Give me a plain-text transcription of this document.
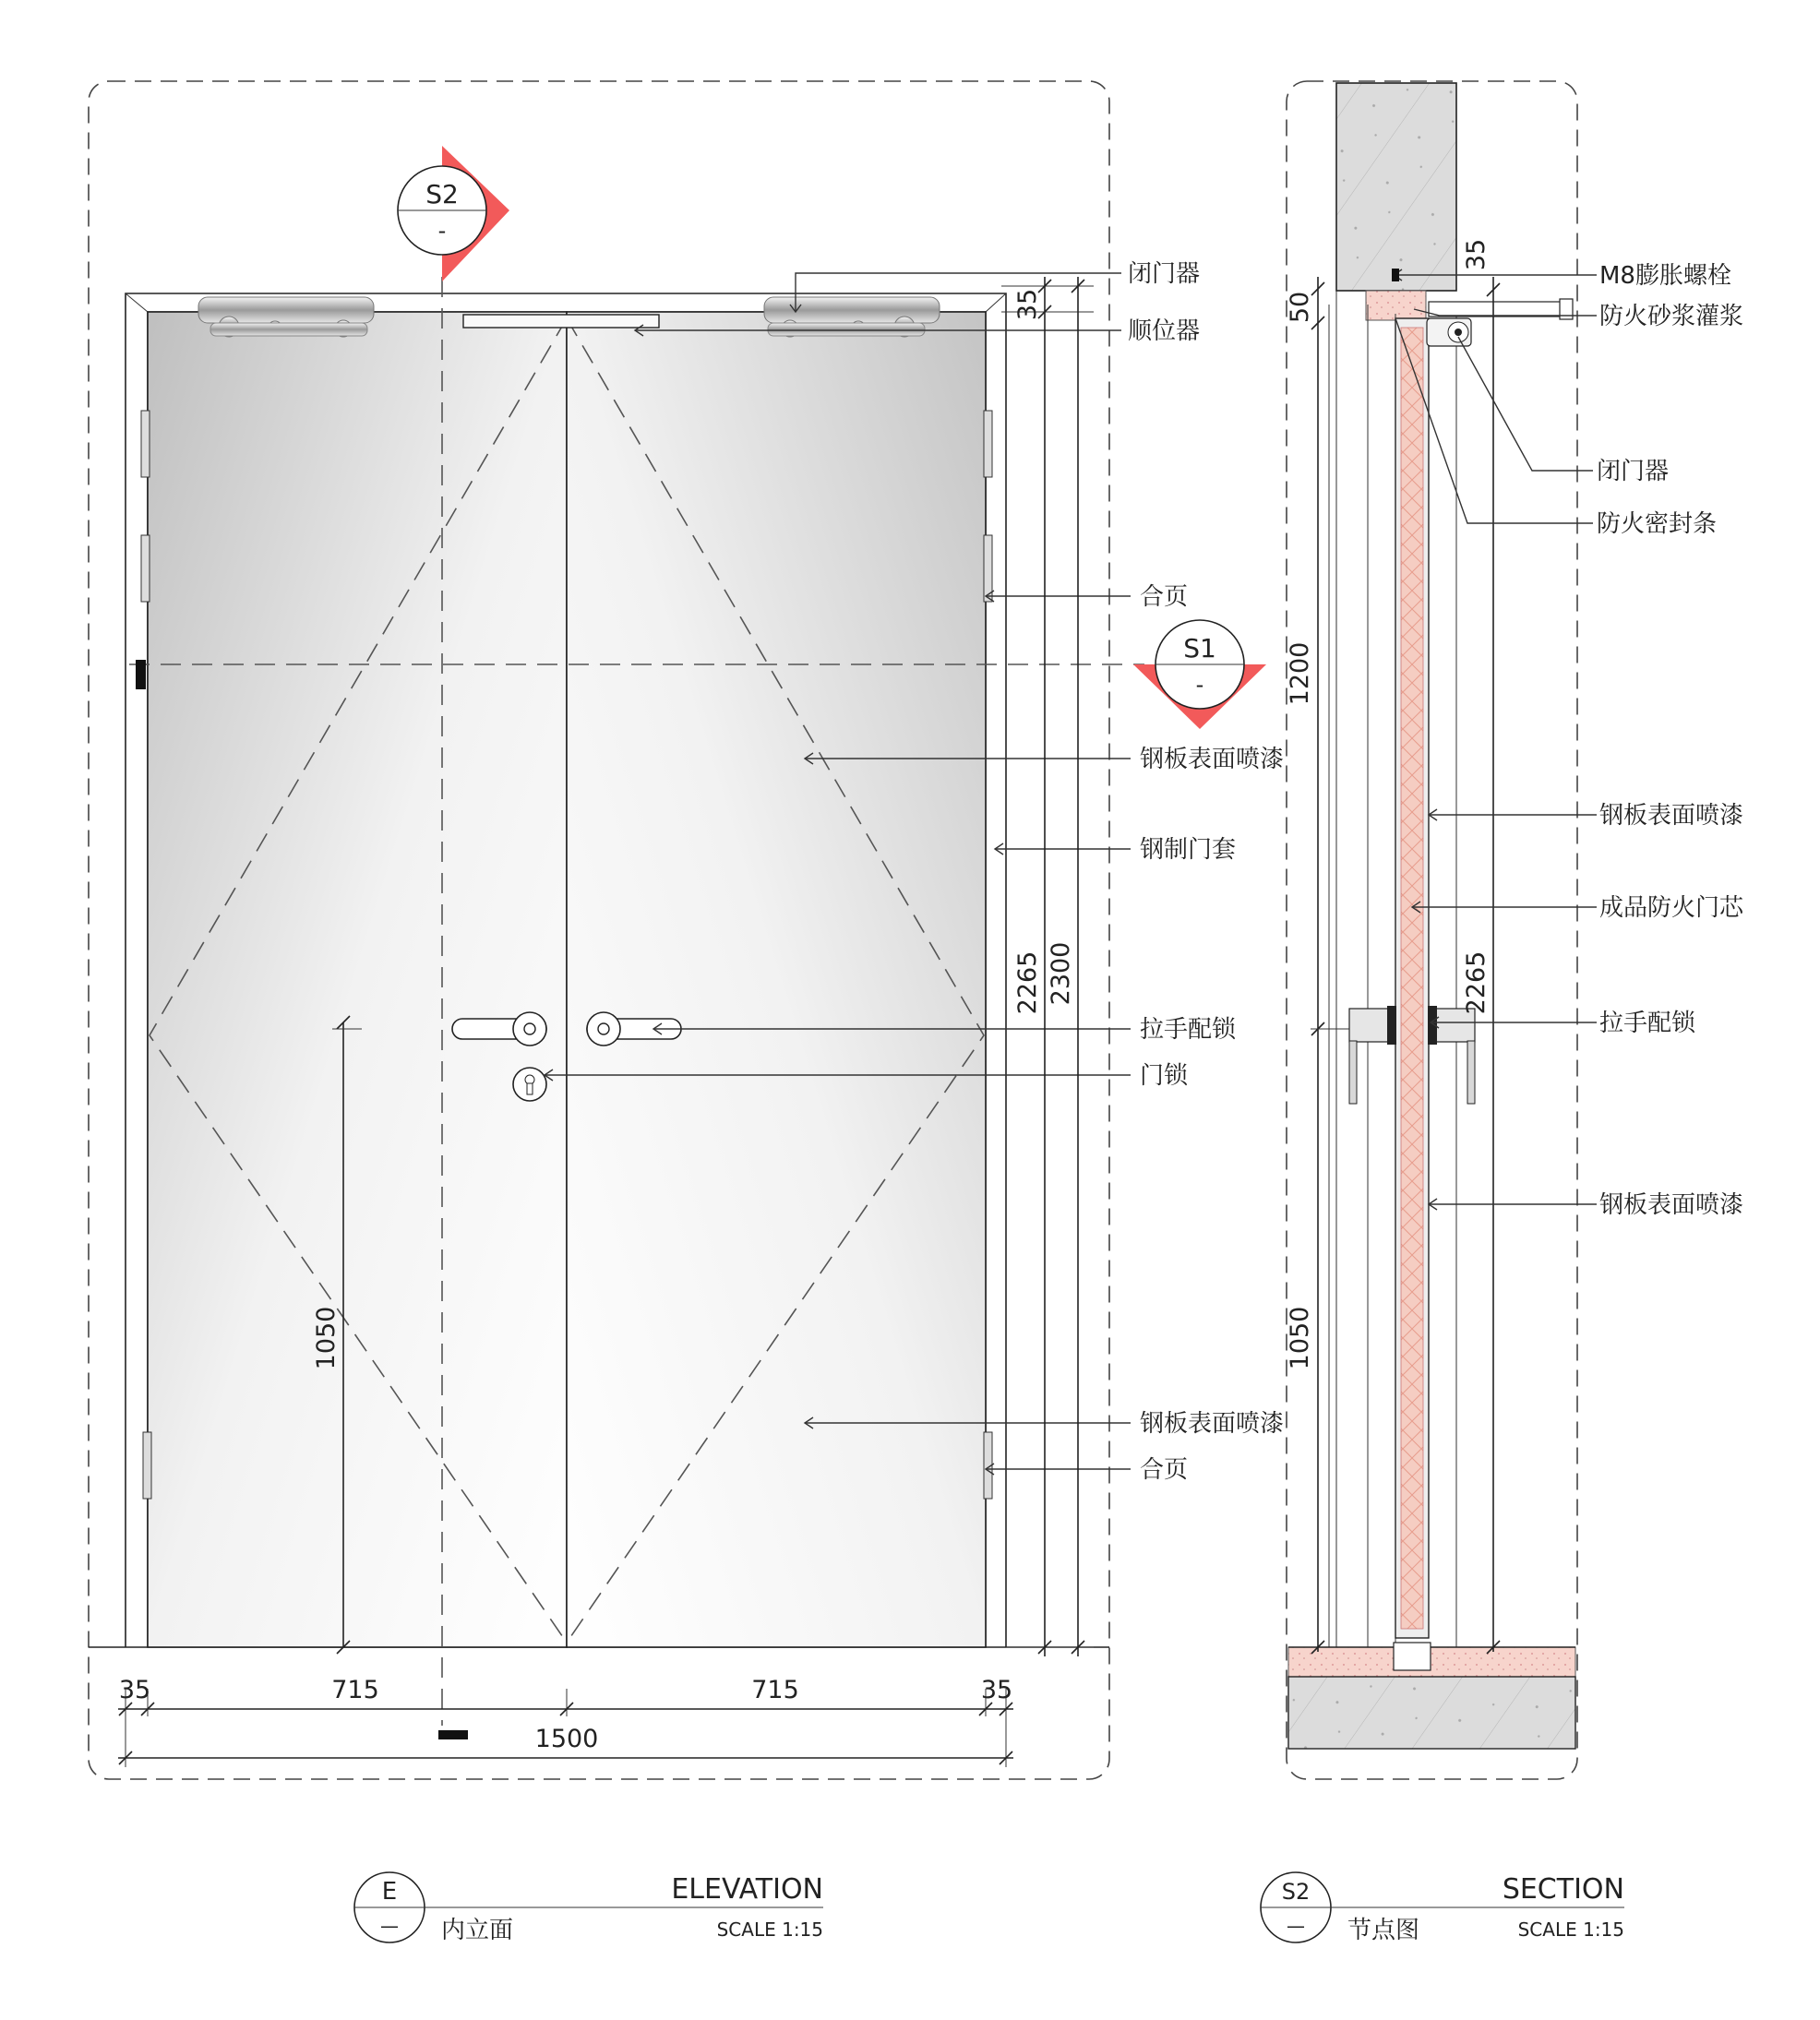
S2
-
S1
-
闭门器
顺位器
合页
钢板表面喷漆
钢制门套
拉手配锁
门锁
钢板表面喷漆
合页
35
2265 2300
1050
35	715	715	35
1500
E
—
ELEVATION
内立面	SCALE 1:15
50
1200
1050
35
2265
M8膨胀螺栓
防火砂浆灌浆
闭门器
防火密封条
钢板表面喷漆
成品防火门芯
拉手配锁
钢板表面喷漆
S2
—
SECTION
节点图	SCALE 1:15
